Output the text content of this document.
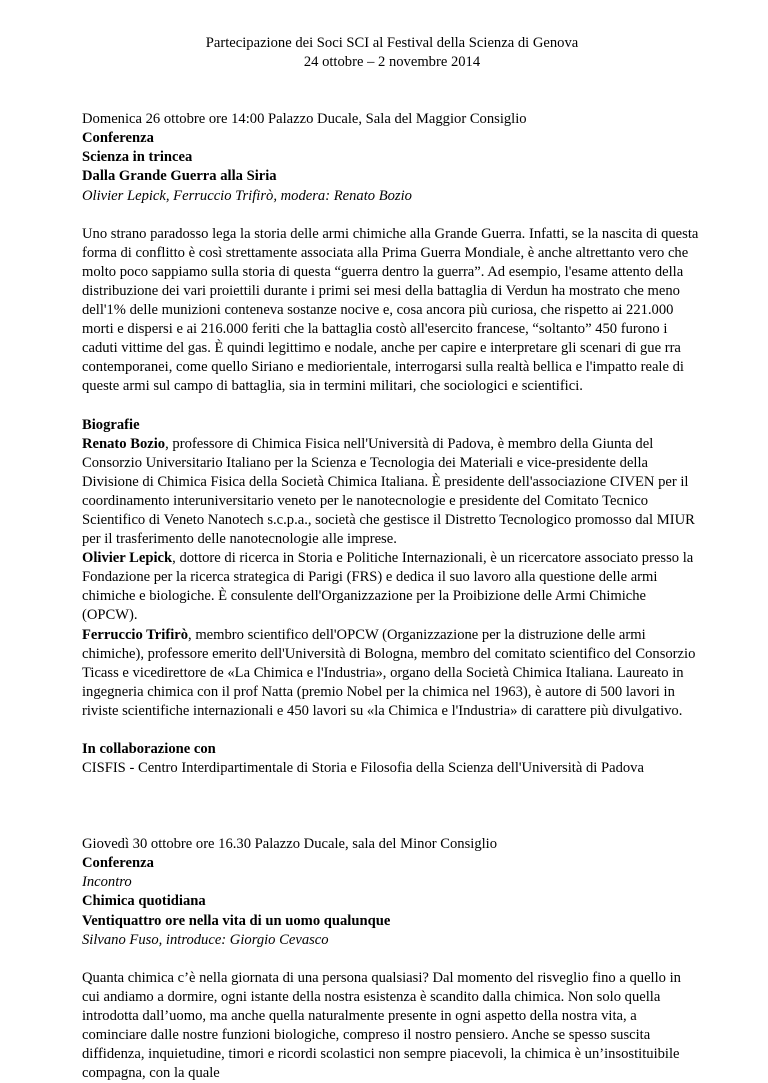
Partecipazione dei Soci SCI al Festival della Scienza di Genova

24 ottobre – 2 novembre 2014

Domenica 26 ottobre ore 14:00 Palazzo Ducale, Sala del Maggior Consiglio

Conferenza

Scienza in trincea

Dalla Grande Guerra alla Siria

Olivier Lepick, Ferruccio Trifirò, modera: Renato Bozio

Uno strano paradosso lega la storia delle armi chimiche alla Grande Guerra. Infatti, se la nascita di questa forma di conflitto è così strettamente associata alla Prima Guerra Mondiale, è anche altrettanto vero che molto poco sappiamo sulla storia di questa “guerra dentro la guerra”. Ad esempio, l'esame attento della distribuzione dei vari proiettili durante i primi sei mesi della battaglia di Verdun ha mostrato che meno dell'1% delle munizioni conteneva sostanze nocive e, cosa ancora più curiosa, che rispetto ai 221.000 morti e dispersi e ai 216.000 feriti che la battaglia costò all'esercito francese, “soltanto” 450 furono i caduti vittime del gas. È quindi legittimo e nodale, anche per capire e interpretare gli scenari di gue rra contemporanei, come quello Siriano e mediorientale, interrogarsi sulla realtà bellica e l'impatto reale di queste armi sul campo di battaglia, sia in termini militari, che sociologici e scientifici.

Biografie

Renato Bozio, professore di Chimica Fisica nell'Università di Padova, è membro della Giunta del Consorzio Universitario Italiano per la Scienza e Tecnologia dei Materiali e vice-presidente della Divisione di Chimica Fisica della Società Chimica Italiana. È presidente dell'associazione CIVEN per il coordinamento interuniversitario veneto per le nanotecnologie e presidente del Comitato Tecnico Scientifico di Veneto Nanotech s.c.p.a., società che gestisce il Distretto Tecnologico promosso dal MIUR per il trasferimento delle nanotecnologie alle imprese.

Olivier Lepick, dottore di ricerca in Storia e Politiche Internazionali, è un ricercatore associato presso la Fondazione per la ricerca strategica di Parigi (FRS) e dedica il suo lavoro alla questione delle armi chimiche e biologiche. È consulente dell'Organizzazione per la Proibizione delle Armi Chimiche (OPCW).

Ferruccio Trifirò, membro scientifico dell'OPCW (Organizzazione per la distruzione delle armi chimiche), professore emerito dell'Università di Bologna, membro del comitato scientifico del Consorzio Ticass e vicedirettore de «La Chimica e l'Industria», organo della Società Chimica Italiana. Laureato in ingegneria chimica con il prof Natta (premio Nobel per la chimica nel 1963), è autore di 500 lavori in riviste scientifiche internazionali e 450 lavori su «la Chimica e l'Industria» di carattere più divulgativo.

In collaborazione con

CISFIS - Centro Interdipartimentale di Storia e Filosofia della Scienza dell'Università di Padova

Giovedì 30 ottobre ore 16.30 Palazzo Ducale, sala del Minor Consiglio

Conferenza

Incontro

Chimica quotidiana

Ventiquattro ore nella vita di un uomo qualunque

Silvano Fuso, introduce: Giorgio Cevasco

Quanta chimica c’è nella giornata di una persona qualsiasi? Dal momento del risveglio fino a quello in cui andiamo a dormire, ogni istante della nostra esistenza è scandito dalla chimica. Non solo quella introdotta dall’uomo, ma anche quella naturalmente presente in ogni aspetto della nostra vita, a cominciare dalle nostre funzioni biologiche, compreso il nostro pensiero. Anche se spesso suscita diffidenza, inquietudine, timori e ricordi scolastici non sempre piacevoli, la chimica è un’insostituibile compagna, con la quale
